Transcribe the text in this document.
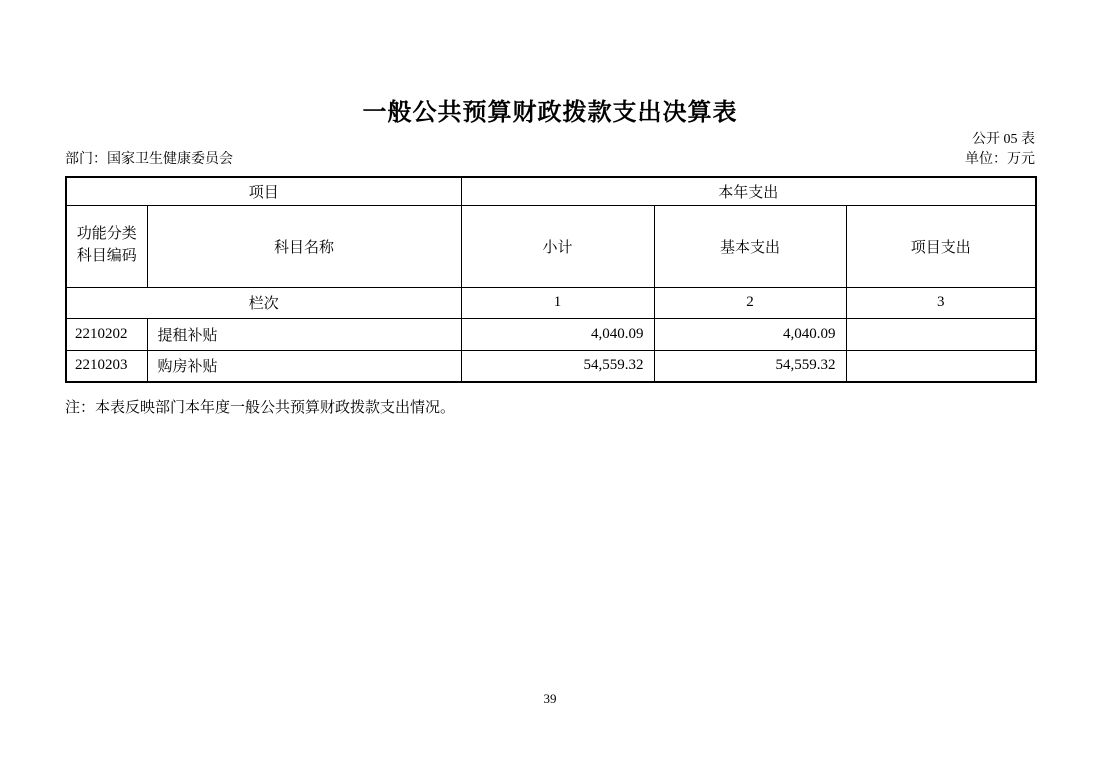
一般公共预算财政拨款支出决算表
公开 05 表
部门：国家卫生健康委员会	单位：万元
项目		本年支出		

功能分类
科目编码	科目名称	小计	基本支出	项目支出
栏次		1	2	3
2210202	提租补贴	4,040.09	4,040.09	
2210203	购房补贴	54,559.32	54,559.32	
注：本表反映部门本年度一般公共预算财政拨款支出情况。
39
